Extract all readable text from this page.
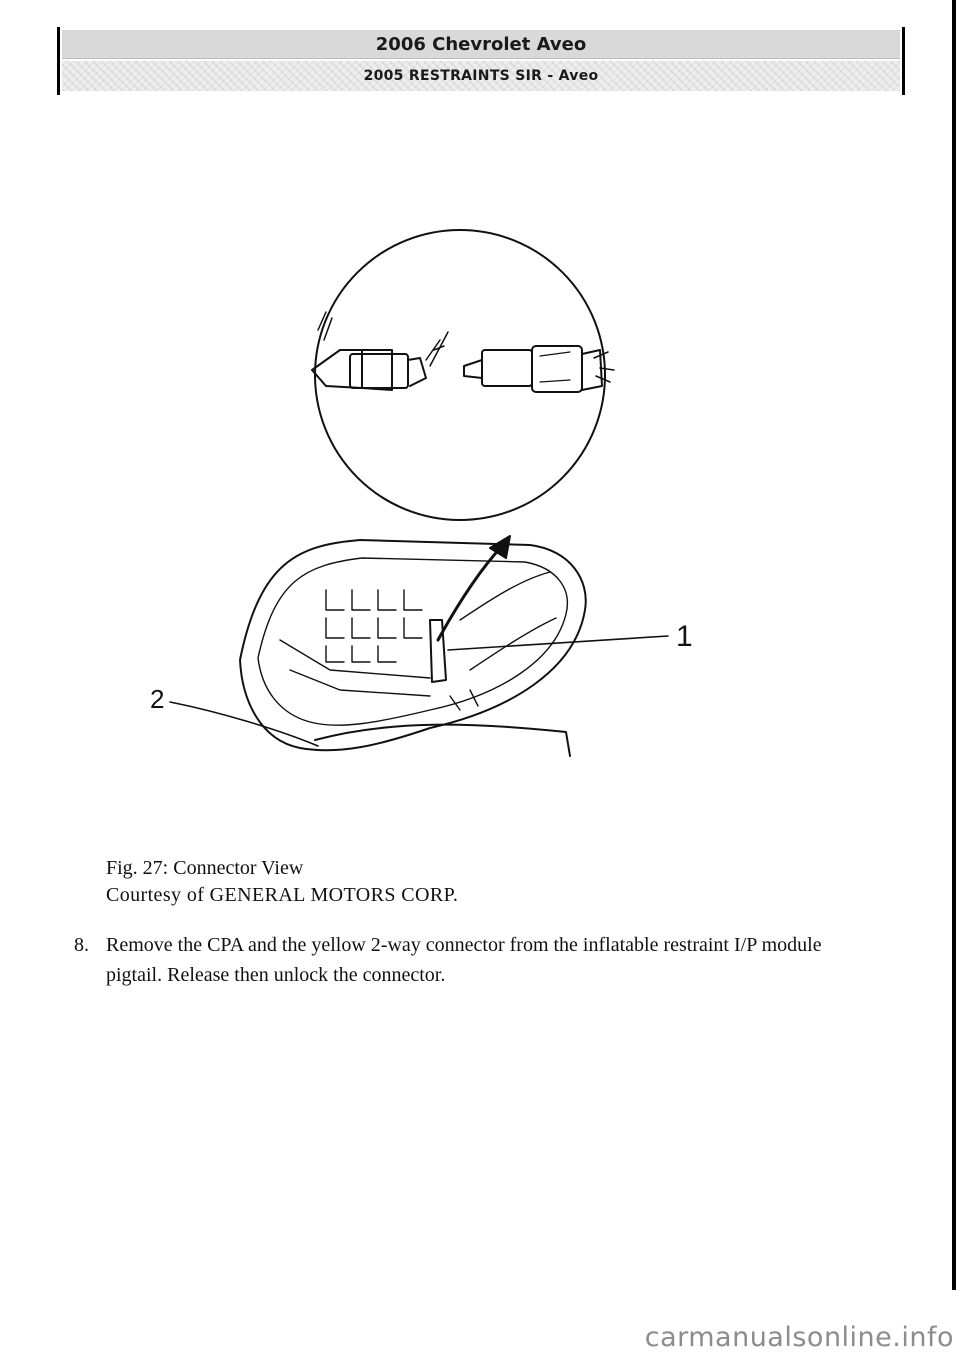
2006 Chevrolet Aveo
2005 RESTRAINTS SIR - Aveo
1
2
Fig. 27: Connector View
Courtesy of GENERAL MOTORS CORP.
8. Remove the CPA and the yellow 2-way connector from the inflatable restraint I/P module pigtail. Release then unlock the connector.
carmanualsonline.info
